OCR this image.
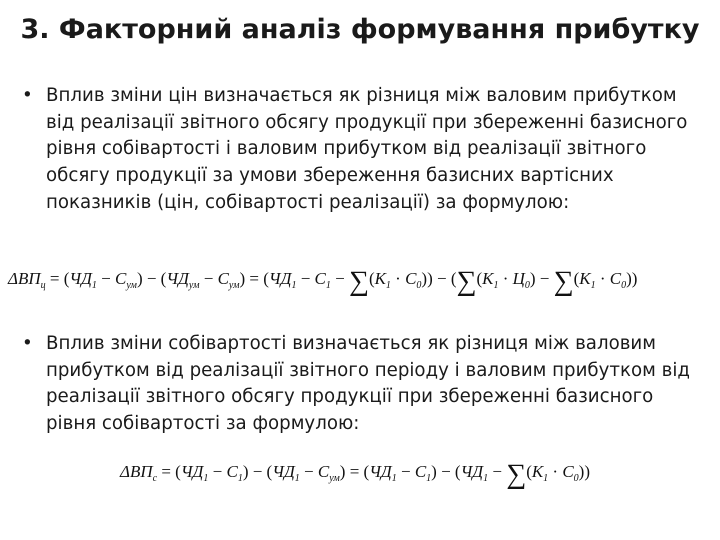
3. Факторний аналіз формування прибутку
• Вплив зміни цін визначається як різниця між валовим прибутком від реалізації звітного обсягу продукції при збереженні базисного рівня собівартості і валовим прибутком від реалізації звітного обсягу продукції за умови збереження базисних вартісних показників (цін, собівартості реалізації) за формулою:
$\Delta ВП_ц = (ЧД_1 - С_{ум}) - (ЧД_{ум} - С_{ум}) = (ЧД_1 - С_1 - \sum(К_1 \cdot С_0)) - (\sum(К_1 \cdot Ц_0) - \sum(К_1 \cdot С_0))$
• Вплив зміни собівартості визначається як різниця між валовим прибутком від реалізації звітного періоду і валовим прибутком від реалізації звітного обсягу продукції при збереженні базисного рівня собівартості за формулою:
$\Delta ВП_с = (ЧД_1 - С_1) - (ЧД_1 - С_{ум}) = (ЧД_1 - С_1) - (ЧД_1 - \sum(К_1 \cdot С_0))$
